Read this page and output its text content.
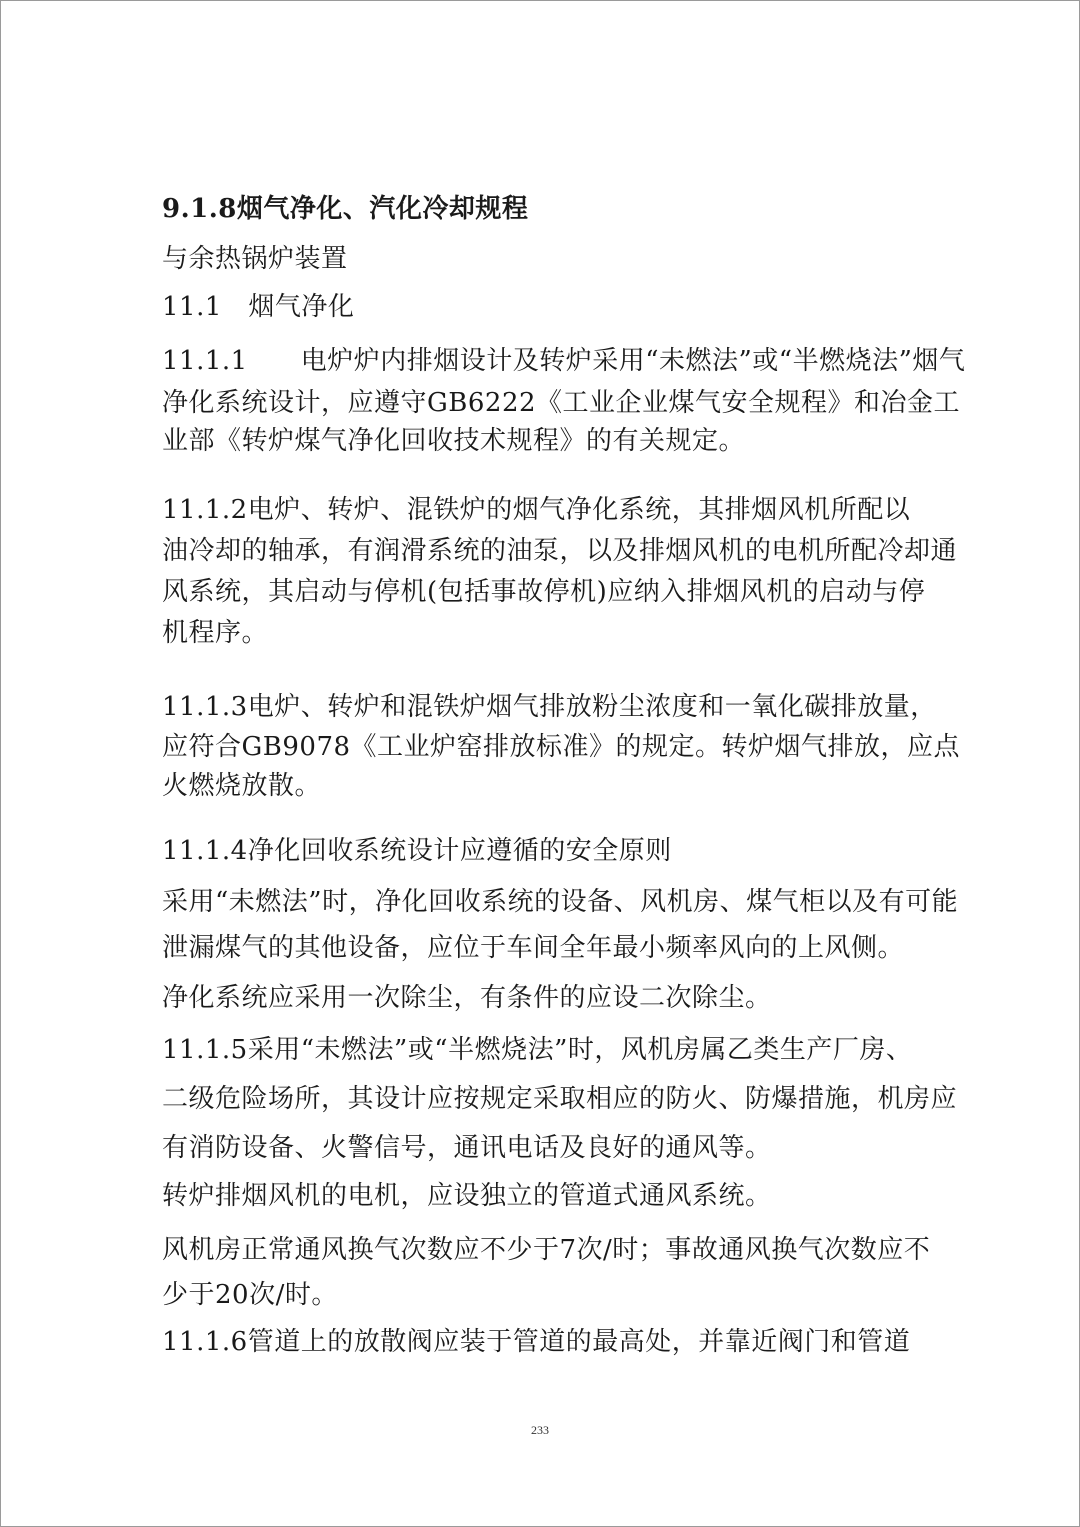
9.1.8烟气净化、汽化冷却规程
与余热锅炉装置
11.1　烟气净化
11.1.1　　电炉炉内排烟设计及转炉采用“未燃法”或“半燃烧法”烟气
净化系统设计，应遵守GB6222《工业企业煤气安全规程》和冶金工
业部《转炉煤气净化回收技术规程》的有关规定。
11.1.2电炉、转炉、混铁炉的烟气净化系统，其排烟风机所配以
油冷却的轴承，有润滑系统的油泵，以及排烟风机的电机所配冷却通
风系统，其启动与停机(包括事故停机)应纳入排烟风机的启动与停
机程序。
11.1.3电炉、转炉和混铁炉烟气排放粉尘浓度和一氧化碳排放量，
应符合GB9078《工业炉窑排放标准》的规定。转炉烟气排放，应点
火燃烧放散。
11.1.4净化回收系统设计应遵循的安全原则
采用“未燃法”时，净化回收系统的设备、风机房、煤气柜以及有可能
泄漏煤气的其他设备，应位于车间全年最小频率风向的上风侧。
净化系统应采用一次除尘，有条件的应设二次除尘。
11.1.5采用“未燃法”或“半燃烧法”时，风机房属乙类生产厂房、
二级危险场所，其设计应按规定采取相应的防火、防爆措施，机房应
有消防设备、火警信号，通讯电话及良好的通风等。
转炉排烟风机的电机，应设独立的管道式通风系统。
风机房正常通风换气次数应不少于7次/时；事故通风换气次数应不
少于20次/时。
11.1.6管道上的放散阀应装于管道的最高处，并靠近阀门和管道
233
